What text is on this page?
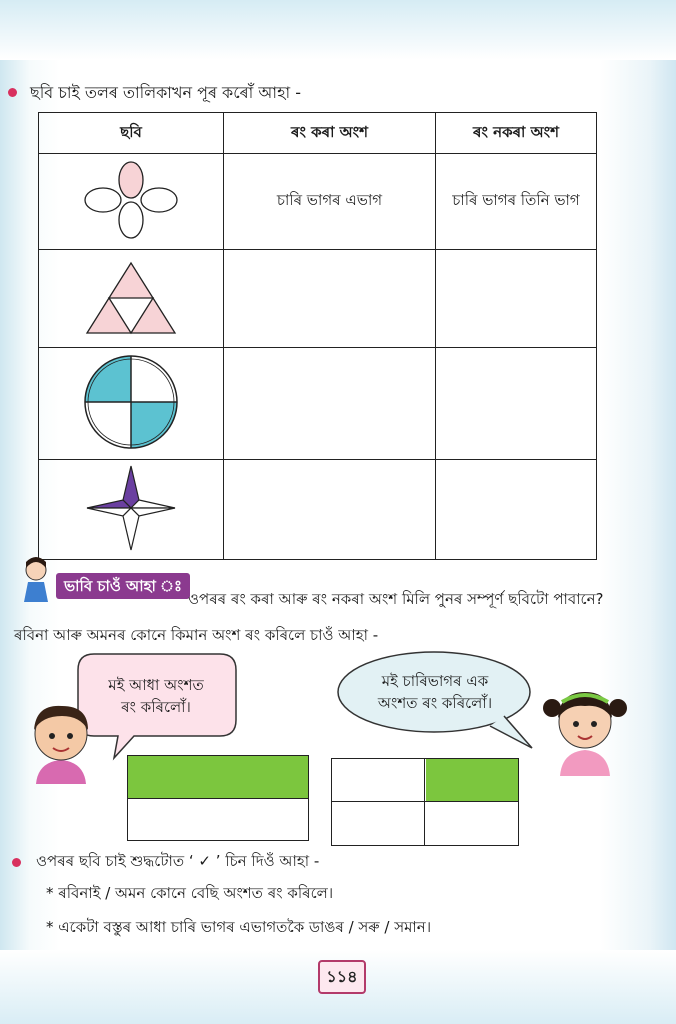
ছবি চাই তলৰ তালিকাখন পূৰ কৰোঁ আহা -
ছবি	ৰং কৰা অংশ	ৰং নকৰা অংশ
	চাৰি ভাগৰ এভাগ	চাৰি ভাগৰ তিনি ভাগ

ভাবি চাওঁ আহা ঃ
ওপৰৰ ৰং কৰা আৰু ৰং নকৰা অংশ মিলি পুনৰ সম্পূৰ্ণ ছবিটো পাবানে?
ৰবিনা আৰু অমনৰ কোনে কিমান অংশ ৰং কৰিলে চাওঁ আহা -
মই আধা অংশত
ৰং কৰিলোঁ।
মই চাৰিভাগৰ এক
অংশত ৰং কৰিলোঁ।
ওপৰৰ ছবি চাই শুদ্ধটোত ‘ ✓ ’ চিন দিওঁ আহা -
* ৰবিনাই / অমন কোনে বেছি অংশত ৰং কৰিলে।
* একেটা বস্তুৰ আধা চাৰি ভাগৰ এভাগতকৈ ডাঙৰ / সৰু / সমান।
১১৪
